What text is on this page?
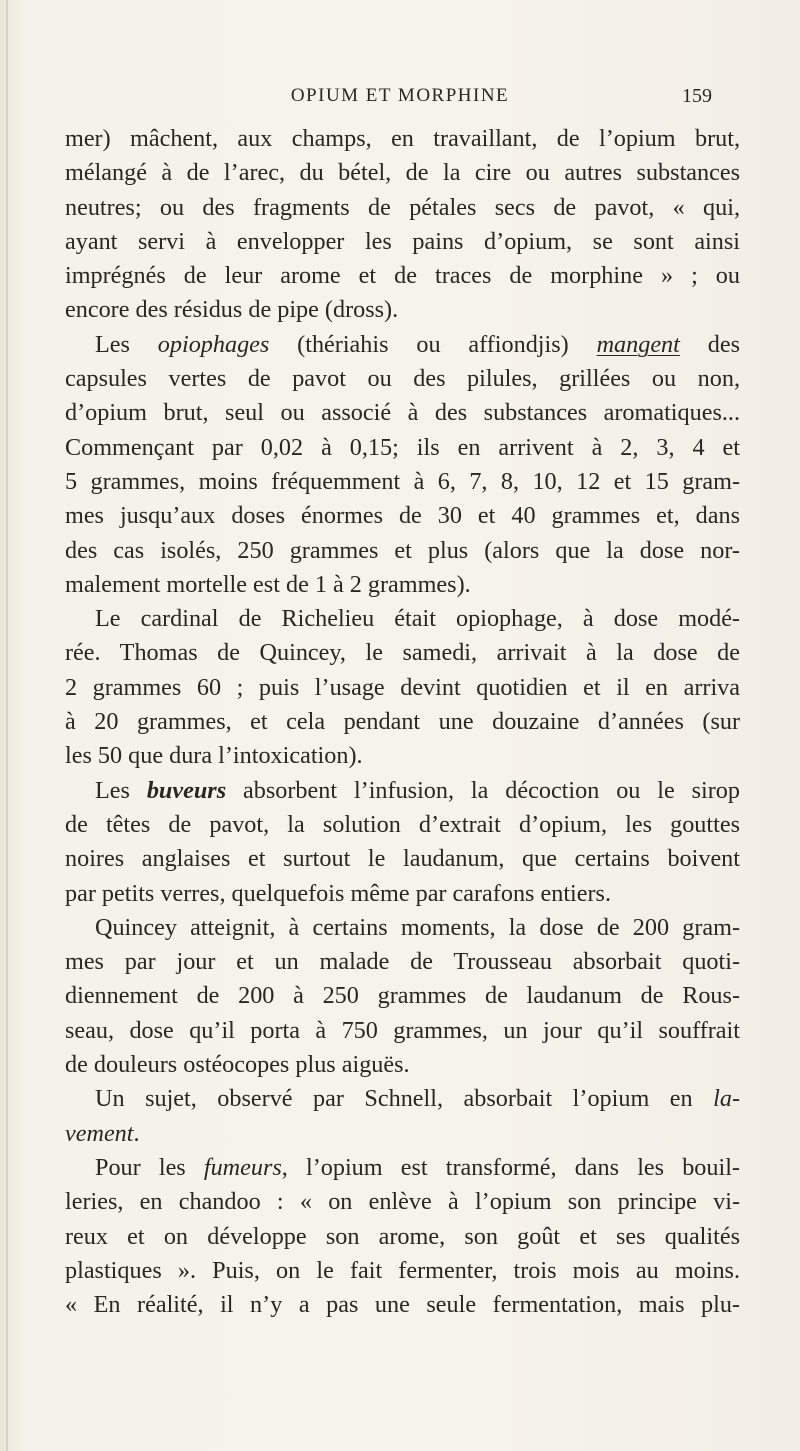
OPIUM ET MORPHINE	159
mer) mâchent, aux champs, en travaillant, de l’opium brut,
mélangé à de l’arec, du bétel, de la cire ou autres substances
neutres; ou des fragments de pétales secs de pavot, « qui,
ayant servi à envelopper les pains d’opium, se sont ainsi
imprégnés de leur arome et de traces de morphine » ; ou
encore des résidus de pipe (dross).
Les opiophages (thériahis ou affiondjis) mangent des
capsules vertes de pavot ou des pilules, grillées ou non,
d’opium brut, seul ou associé à des substances aromatiques...
Commençant par 0,02 à 0,15; ils en arrivent à 2, 3, 4 et
5 grammes, moins fréquemment à 6, 7, 8, 10, 12 et 15 gram-
mes jusqu’aux doses énormes de 30 et 40 grammes et, dans
des cas isolés, 250 grammes et plus (alors que la dose nor-
malement mortelle est de 1 à 2 grammes).
Le cardinal de Richelieu était opiophage, à dose modé-
rée. Thomas de Quincey, le samedi, arrivait à la dose de
2 grammes 60 ; puis l’usage devint quotidien et il en arriva
à 20 grammes, et cela pendant une douzaine d’années (sur
les 50 que dura l’intoxication).
Les buveurs absorbent l’infusion, la décoction ou le sirop
de têtes de pavot, la solution d’extrait d’opium, les gouttes
noires anglaises et surtout le laudanum, que certains boivent
par petits verres, quelquefois même par carafons entiers.
Quincey atteignit, à certains moments, la dose de 200 gram-
mes par jour et un malade de Trousseau absorbait quoti-
diennement de 200 à 250 grammes de laudanum de Rous-
seau, dose qu’il porta à 750 grammes, un jour qu’il souffrait
de douleurs ostéocopes plus aiguës.
Un sujet, observé par Schnell, absorbait l’opium en la-
vement.
Pour les fumeurs, l’opium est transformé, dans les bouil-
leries, en chandoo : « on enlève à l’opium son principe vi-
reux et on développe son arome, son goût et ses qualités
plastiques ». Puis, on le fait fermenter, trois mois au moins.
« En réalité, il n’y a pas une seule fermentation, mais plu-
